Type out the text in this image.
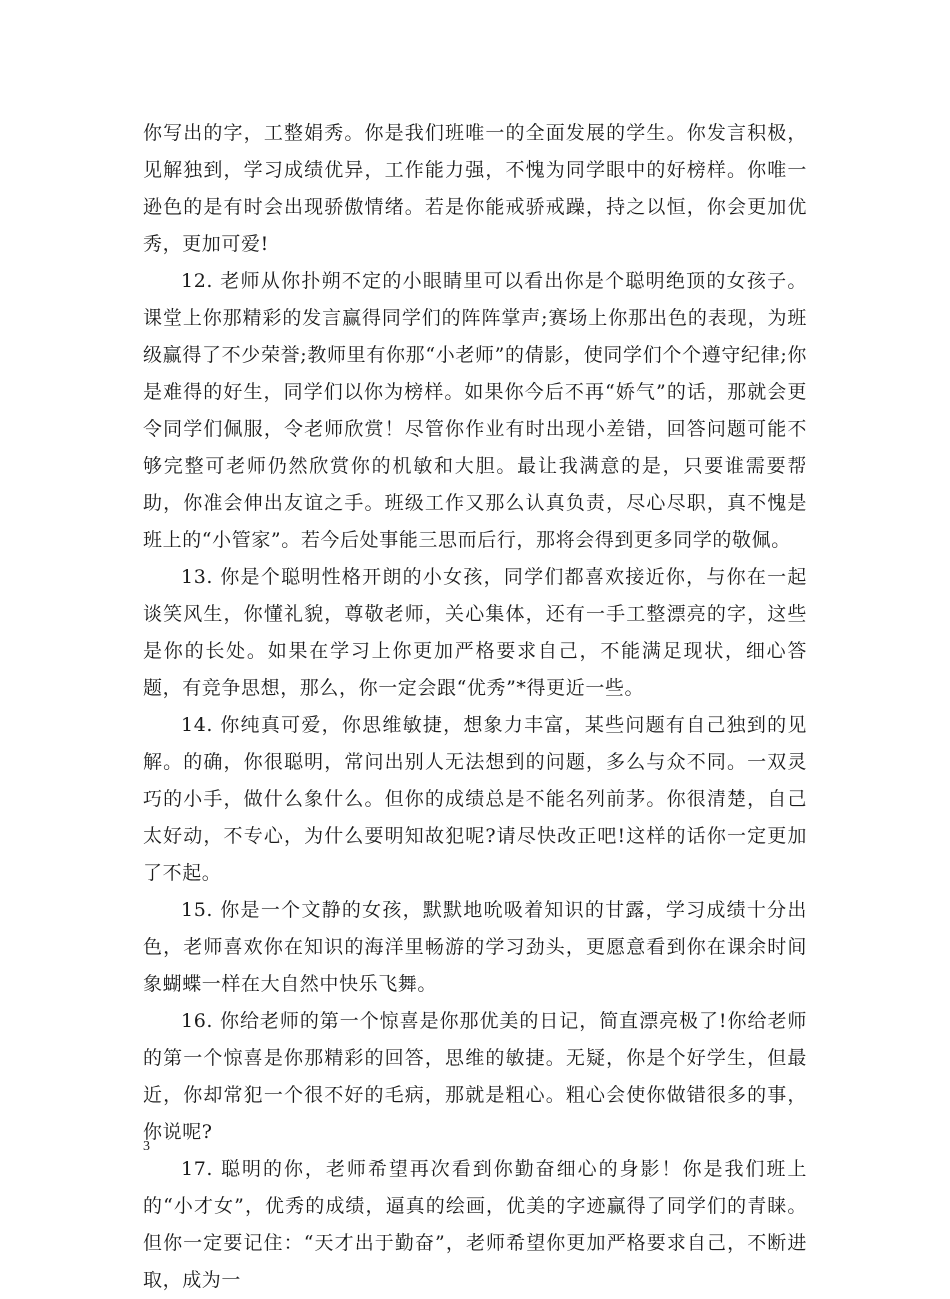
你写出的字，工整娟秀。你是我们班唯一的全面发展的学生。你发言积极，见解独到，学习成绩优异，工作能力强，不愧为同学眼中的好榜样。你唯一逊色的是有时会出现骄傲情绪。若是你能戒骄戒躁，持之以恒，你会更加优秀，更加可爱!

12. 老师从你扑朔不定的小眼睛里可以看出你是个聪明绝顶的女孩子。课堂上你那精彩的发言赢得同学们的阵阵掌声;赛场上你那出色的表现，为班级赢得了不少荣誉;教师里有你那“小老师”的倩影，使同学们个个遵守纪律;你是难得的好生，同学们以你为榜样。如果你今后不再“娇气”的话，那就会更令同学们佩服，令老师欣赏！尽管你作业有时出现小差错，回答问题可能不够完整可老师仍然欣赏你的机敏和大胆。最让我满意的是，只要谁需要帮助，你准会伸出友谊之手。班级工作又那么认真负责，尽心尽职，真不愧是班上的“小管家”。若今后处事能三思而后行，那将会得到更多同学的敬佩。

13. 你是个聪明性格开朗的小女孩，同学们都喜欢接近你，与你在一起谈笑风生，你懂礼貌，尊敬老师，关心集体，还有一手工整漂亮的字，这些是你的长处。如果在学习上你更加严格要求自己，不能满足现状，细心答题，有竞争思想，那么，你一定会跟“优秀”*得更近一些。

14. 你纯真可爱，你思维敏捷，想象力丰富，某些问题有自己独到的见解。的确，你很聪明，常问出别人无法想到的问题，多么与众不同。一双灵巧的小手，做什么象什么。但你的成绩总是不能名列前茅。你很清楚，自己太好动，不专心，为什么要明知故犯呢?请尽快改正吧!这样的话你一定更加了不起。

15. 你是一个文静的女孩，默默地吮吸着知识的甘露，学习成绩十分出色，老师喜欢你在知识的海洋里畅游的学习劲头，更愿意看到你在课余时间象蝴蝶一样在大自然中快乐飞舞。

16. 你给老师的第一个惊喜是你那优美的日记，简直漂亮极了!你给老师的第一个惊喜是你那精彩的回答，思维的敏捷。无疑，你是个好学生，但最近，你却常犯一个很不好的毛病，那就是粗心。粗心会使你做错很多的事，你说呢?

17. 聪明的你，老师希望再次看到你勤奋细心的身影！你是我们班上的“小才女”，优秀的成绩，逼真的绘画，优美的字迹赢得了同学们的青睐。但你一定要记住：“天才出于勤奋”，老师希望你更加严格要求自己，不断进取，成为一

3
